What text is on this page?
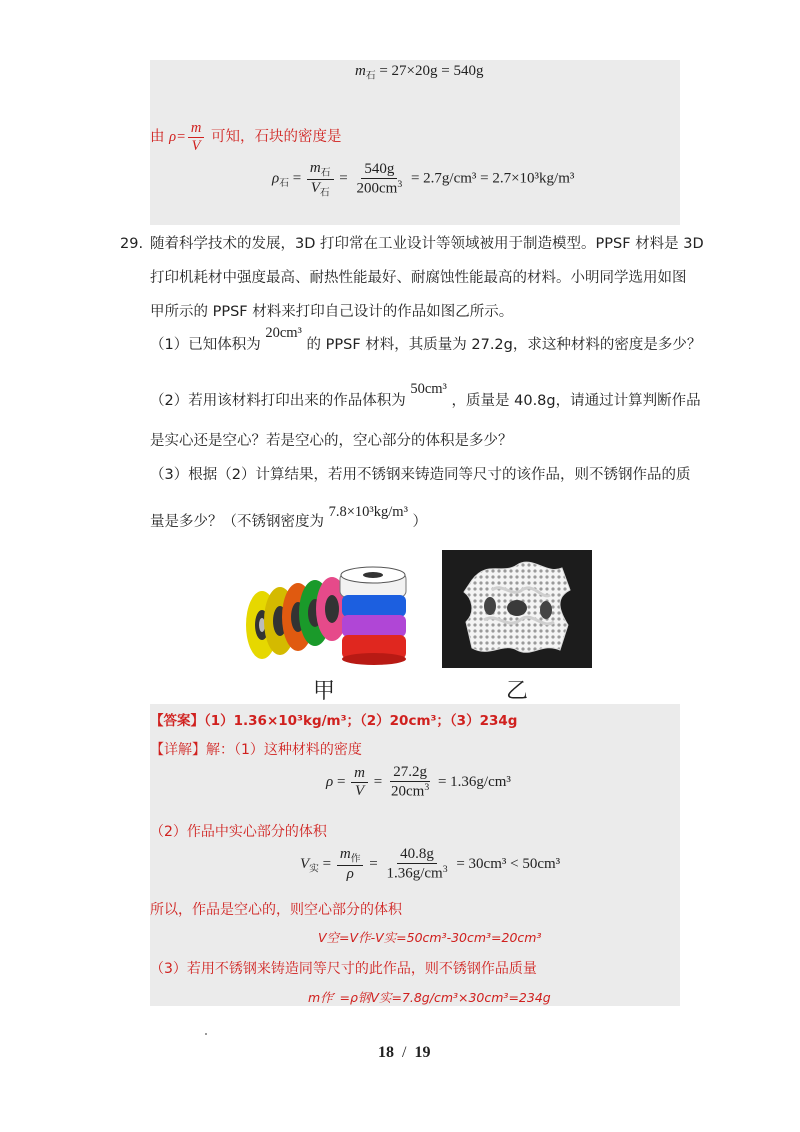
$m_石 = 27\times 20g = 540g$
由 $\rho= \frac{m}{V}$ 可知，石块的密度是
$\rho_石 = \frac{m_石}{V_石} = \frac{540g}{200cm^3} = 2.7g/cm^3 = 2.7\times 10^3kg/m^3$
29. 随着科学技术的发展，3D 打印常在工业设计等领域被用于制造模型。PPSF 材料是 3D
打印机耗材中强度最高、耐热性能最好、耐腐蚀性能最高的材料。小明同学选用如图
甲所示的 PPSF 材料来打印自己设计的作品如图乙所示。
（1）已知体积为 20cm³ 的 PPSF 材料，其质量为 27.2g，求这种材料的密度是多少？
（2）若用该材料打印出来的作品体积为 50cm³ ，质量是 40.8g，请通过计算判断作品
是实心还是空心？若是空心的，空心部分的体积是多少？
（3）根据（2）计算结果，若用不锈钢来铸造同等尺寸的该作品，则不锈钢作品的质
量是多少？（不锈钢密度为 7.8×10³kg/m³ ）
甲	乙
【答案】（1）1.36×10³kg/m³；（2）20cm³；（3）234g
【详解】解：（1）这种材料的密度
$\rho = \frac{m}{V} = \frac{27.2g}{20cm^3} = 1.36g/cm^3$
（2）作品中实心部分的体积
$V_实 = \frac{m_作}{\rho} = \frac{40.8g}{1.36g/cm^3} = 30cm^3 < 50cm^3$
所以，作品是空心的，则空心部分的体积
V空=V作-V实=50cm³-30cm³=20cm³
（3）若用不锈钢来铸造同等尺寸的此作品，则不锈钢作品质量
m作′ =ρ钢V实=7.8g/cm³×30cm³=234g
18 / 19
